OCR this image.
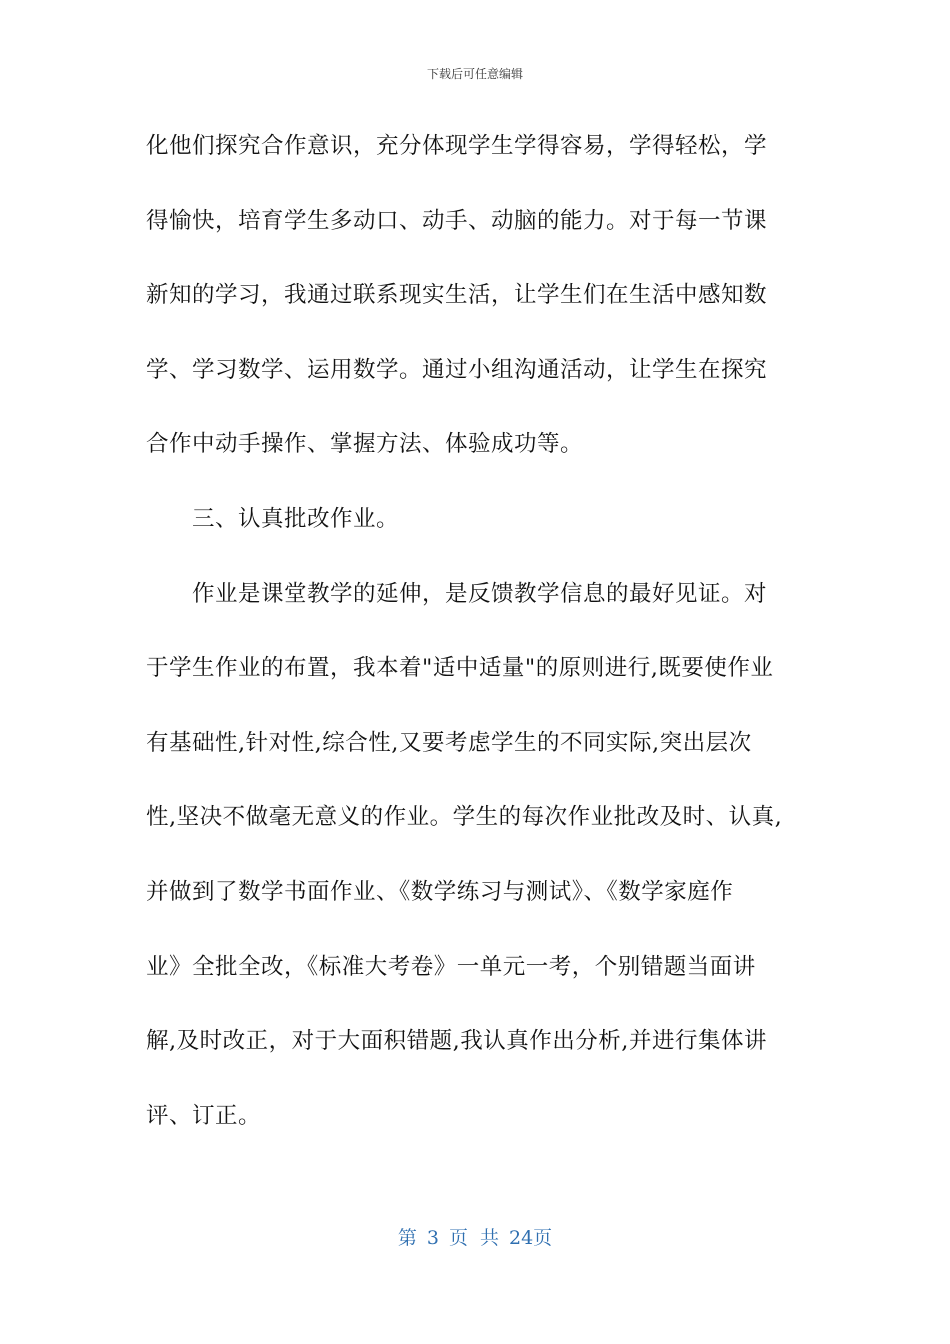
下载后可任意编辑
化他们探究合作意识，充分体现学生学得容易，学得轻松，学
得愉快，培育学生多动口、动手、动脑的能力。对于每一节课
新知的学习，我通过联系现实生活，让学生们在生活中感知数
学、学习数学、运用数学。通过小组沟通活动，让学生在探究
合作中动手操作、掌握方法、体验成功等。
三、认真批改作业。
作业是课堂教学的延伸，是反馈教学信息的最好见证。对
于学生作业的布置，我本着"适中适量"的原则进行,既要使作业
有基础性,针对性,综合性,又要考虑学生的不同实际,突出层次
性,坚决不做毫无意义的作业。学生的每次作业批改及时、认真,
并做到了数学书面作业、《数学练习与测试》、《数学家庭作
业》全批全改，《标准大考卷》一单元一考，个别错题当面讲
解,及时改正，对于大面积错题,我认真作出分析,并进行集体讲
评、订正。
第 3 页 共 24页
